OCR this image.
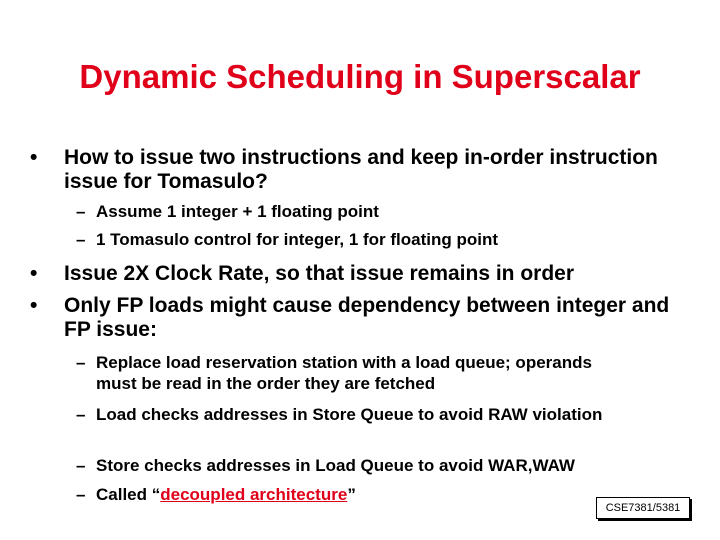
Dynamic Scheduling in Superscalar
• How to issue two instructions and keep in-order instruction issue for Tomasulo?
– Assume 1 integer + 1 floating point
– 1 Tomasulo control for integer, 1 for floating point
• Issue 2X Clock Rate, so that issue remains in order
• Only FP loads might cause dependency between integer and FP issue:
– Replace load reservation station with a load queue; operands must be read in the order they are fetched
– Load checks addresses in Store Queue to avoid RAW violation
– Store checks addresses in Load Queue to avoid WAR,WAW
– Called “decoupled architecture”
CSE7381/5381
